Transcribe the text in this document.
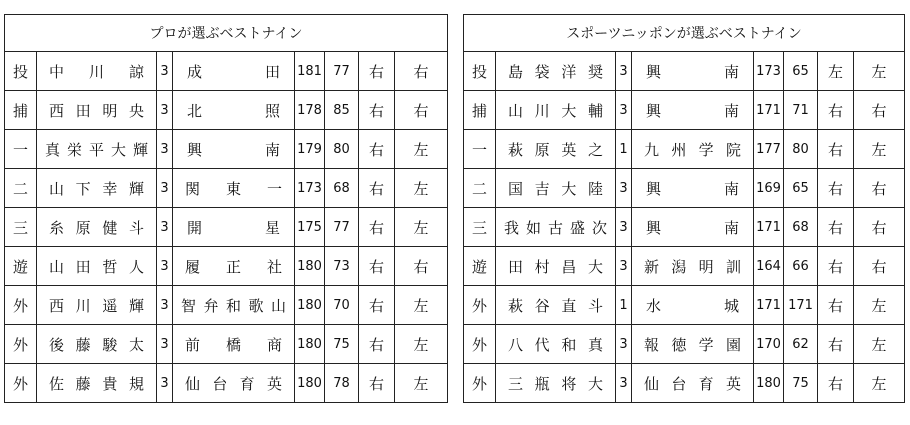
プロが選ぶベストナイン							
投	中 川 諒	3	成 田	181	77	右	右
捕	西 田 明 央	3	北 照	178	85	右	右
一	真 栄 平 大 輝	3	興 南	179	80	右	左
二	山 下 幸 輝	3	関 東 一	173	68	右	左
三	糸 原 健 斗	3	開 星	175	77	右	左
遊	山 田 哲 人	3	履 正 社	180	73	右	右
外	西 川 遥 輝	3	智 弁 和 歌 山	180	70	右	左
外	後 藤 駿 太	3	前 橋 商	180	75	右	左
外	佐 藤 貴 規	3	仙 台 育 英	180	78	右	左
スポーツニッポンが選ぶベストナイン							
投	島 袋 洋 奨	3	興 南	173	65	左	左
捕	山 川 大 輔	3	興 南	171	71	右	右
一	萩 原 英 之	1	九 州 学 院	177	80	右	左
二	国 吉 大 陸	3	興 南	169	65	右	右
三	我 如 古 盛 次	3	興 南	171	68	右	右
遊	田 村 昌 大	3	新 潟 明 訓	164	66	右	右
外	萩 谷 直 斗	1	水 城	171	171	右	左
外	八 代 和 真	3	報 徳 学 園	170	62	右	左
外	三 瓶 将 大	3	仙 台 育 英	180	75	右	左
